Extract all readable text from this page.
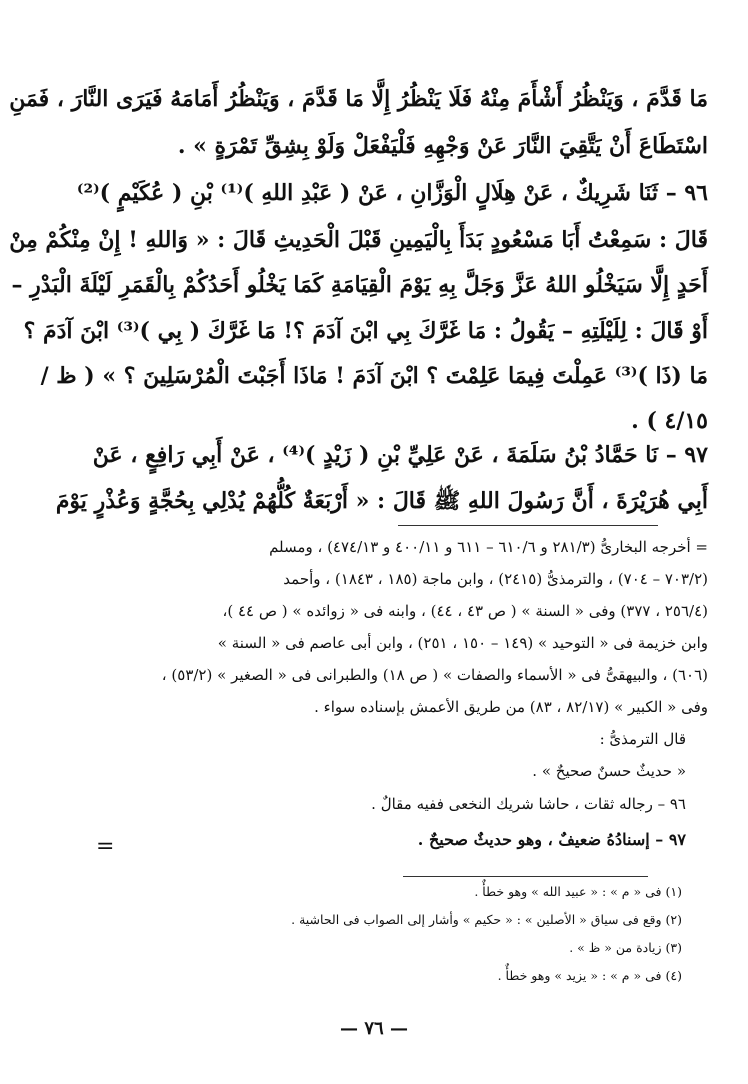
مَا قَدَّمَ ، وَيَنْظُرُ أَشْأَمَ مِنْهُ فَلَا يَنْظُرُ إِلَّا مَا قَدَّمَ ، وَيَنْظُرُ أَمَامَهُ فَيَرَى النَّارَ ، فَمَنِ
اسْتَطَاعَ أَنْ يَتَّقِيَ النَّارَ عَنْ وَجْهِهِ فَلْيَفْعَلْ وَلَوْ بِشِقِّ تَمْرَةٍ » .
٩٦ – ثَنَا شَرِيكٌ ، عَنْ هِلَالٍ الْوَزَّانِ ، عَنْ ( عَبْدِ اللهِ )⁽¹⁾ بْنِ ( عُكَيْمٍ )⁽²⁾
قَالَ : سَمِعْتُ أَبَا مَسْعُودٍ بَدَأَ بِالْيَمِينِ قَبْلَ الْحَدِيثِ قَالَ : « وَاللهِ ! إِنْ مِنْكُمْ مِنْ
أَحَدٍ إِلَّا سَيَخْلُو اللهُ عَزَّ وَجَلَّ بِهِ يَوْمَ الْقِيَامَةِ كَمَا يَخْلُو أَحَدُكُمْ بِالْقَمَرِ لَيْلَةَ الْبَدْرِ –
أَوْ قَالَ : لِلَيْلَتِهِ – يَقُولُ : مَا غَرَّكَ بِي ابْنَ آدَمَ ؟! مَا غَرَّكَ ( بِي )⁽³⁾ ابْنَ آدَمَ ؟
مَا (ذَا )⁽³⁾ عَمِلْتَ فِيمَا عَلِمْتَ ؟ ابْنَ آدَمَ ! مَاذَا أَجَبْتَ الْمُرْسَلِينَ ؟ » ( ظ /
. ( ٤/١٥
٩٧ – نَا حَمَّادُ بْنُ سَلَمَةَ ، عَنْ عَلِيِّ بْنِ ( زَيْدٍ )⁽⁴⁾ ، عَنْ أَبِي رَافِعٍ ، عَنْ
أَبِي هُرَيْرَةَ ، أَنَّ رَسُولَ اللهِ ﷺ قَالَ : « أَرْبَعَةٌ كُلُّهُمْ يُدْلِي بِحُجَّةٍ وَعُذْرٍ يَوْمَ
= أخرجه البخارىُّ (٢٨١/٣ و ٦١٠/٦ – ٦١١ و ٤٠٠/١١ و ٤٧٤/١٣) ، ومسلم
(٧٠٣/٢ – ٧٠٤) ، والترمذىُّ (٢٤١٥) ، وابن ماجة (١٨٥ ، ١٨٤٣) ، وأحمد
(٢٥٦/٤ ، ٣٧٧) وفى « السنة » ( ص ٤٣ ، ٤٤) ، وابنه فى « زوائده » ( ص ٤٤ )،
وابن خزيمة فى « التوحيد » (١٤٩ – ١٥٠ ، ٢٥١) ، وابن أبى عاصم فى « السنة »
(٦٠٦) ، والبيهقىُّ فى « الأسماء والصفات » ( ص ١٨) والطبرانى فى « الصغير » (٥٣/٢) ،
وفى « الكبير » (٨٢/١٧ ، ٨٣) من طريق الأعمش بإسناده سواء .
قال الترمذىُّ :
« حديثٌ حسنٌ صحيحٌ » .
٩٦ – رجاله ثقات ، حاشا شريك النخعى ففيه مقالٌ .
٩٧ – إسنادُهُ ضعيفٌ ، وهو حديثٌ صحيحٌ .
=
(١) فى « م » : « عبيد الله » وهو خطأٌ .
(٢) وقع فى سياق « الأصلين » : « حكيم » وأشار إلى الصواب فى الحاشية .
(٣) زيادة من « ظ » .
(٤) فى « م » : « يزيد » وهو خطأٌ .
— ٧٦ —
